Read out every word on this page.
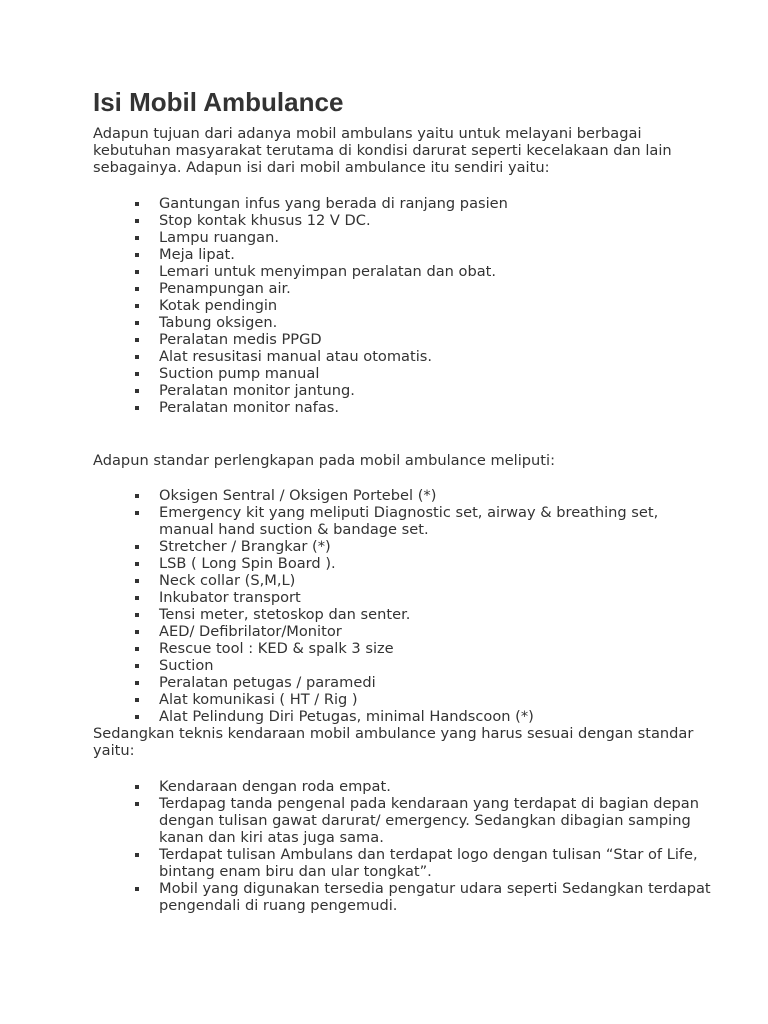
Isi Mobil Ambulance

Adapun tujuan dari adanya mobil ambulans yaitu untuk melayani berbagai kebutuhan masyarakat terutama di kondisi darurat seperti kecelakaan dan lain sebagainya. Adapun isi dari mobil ambulance itu sendiri yaitu:

Gantungan infus yang berada di ranjang pasien
Stop kontak khusus 12 V DC.
Lampu ruangan.
Meja lipat.
Lemari untuk menyimpan peralatan dan obat.
Penampungan air.
Kotak pendingin
Tabung oksigen.
Peralatan medis PPGD
Alat resusitasi manual atau otomatis.
Suction pump manual
Peralatan monitor jantung.
Peralatan monitor nafas.

Adapun standar perlengkapan pada mobil ambulance meliputi:

Oksigen Sentral / Oksigen Portebel (*)
Emergency kit yang meliputi Diagnostic set, airway & breathing set, manual hand suction & bandage set.
Stretcher / Brangkar (*)
LSB ( Long Spin Board ).
Neck collar (S,M,L)
Inkubator transport
Tensi meter, stetoskop dan senter.
AED/ Defibrilator/Monitor
Rescue tool : KED & spalk 3 size
Suction
Peralatan petugas / paramedi
Alat komunikasi ( HT / Rig )
Alat Pelindung Diri Petugas, minimal Handscoon (*)

Sedangkan teknis kendaraan mobil ambulance yang harus sesuai dengan standar yaitu:

Kendaraan dengan roda empat.
Terdapag tanda pengenal pada kendaraan yang terdapat di bagian depan dengan tulisan gawat darurat/ emergency. Sedangkan dibagian samping kanan dan kiri atas juga sama.
Terdapat tulisan Ambulans dan terdapat logo dengan tulisan “Star of Life, bintang enam biru dan ular tongkat”.
Mobil yang digunakan tersedia pengatur udara seperti Sedangkan terdapat pengendali di ruang pengemudi.
